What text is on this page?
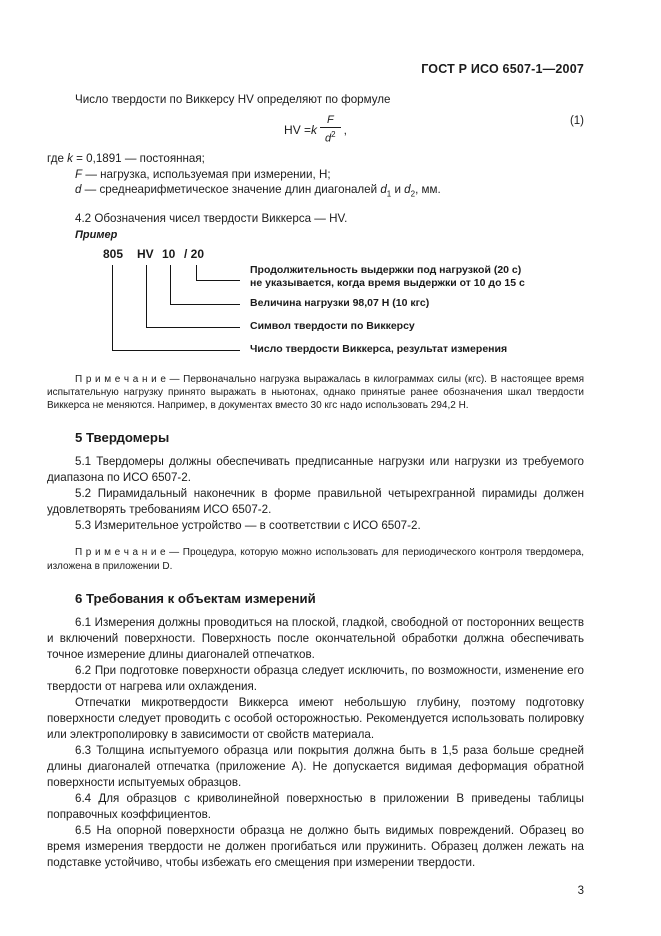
ГОСТ Р ИСО 6507-1—2007

Число твердости по Виккерсу HV определяют по формуле

HV = k $\frac{F}{d^2}$ ,
(1)
где k = 0,1891 — постоянная;
F — нагрузка, используемая при измерении, Н;
d — среднеарифметическое значение длин диагоналей $d_1$ и $d_2$, мм.

4.2 Обозначения чисел твердости Виккерса — HV.

Пример

805 HV 10 / 20
Продолжительность выдержки под нагрузкой (20 с)
не указывается, когда время выдержки от 10 до 15 с
Величина нагрузки 98,07 Н (10 кгс)
Символ твердости по Виккерсу
Число твердости Виккерса, результат измерения

П р и м е ч а н и е — Первоначально нагрузка выражалась в килограммах силы (кгс). В настоящее время испытательную нагрузку принято выражать в ньютонах, однако принятые ранее обозначения шкал твердости Виккерса не меняются. Например, в документах вместо 30 кгс надо использовать 294,2 Н.

5 Твердомеры

5.1 Твердомеры должны обеспечивать предписанные нагрузки или нагрузки из требуемого диапазона по ИСО 6507-2.

5.2 Пирамидальный наконечник в форме правильной четырехгранной пирамиды должен удовлетворять требованиям ИСО 6507-2.

5.3 Измерительное устройство — в соответствии с ИСО 6507-2.

П р и м е ч а н и е — Процедура, которую можно использовать для периодического контроля твердомера, изложена в приложении D.

6 Требования к объектам измерений

6.1 Измерения должны проводиться на плоской, гладкой, свободной от посторонних веществ и включений поверхности. Поверхность после окончательной обработки должна обеспечивать точное измерение длины диагоналей отпечатков.

6.2 При подготовке поверхности образца следует исключить, по возможности, изменение его твердости от нагрева или охлаждения.

Отпечатки микротвердости Виккерса имеют небольшую глубину, поэтому подготовку поверхности следует проводить с особой осторожностью. Рекомендуется использовать полировку или электрополировку в зависимости от свойств материала.

6.3 Толщина испытуемого образца или покрытия должна быть в 1,5 раза больше средней длины диагоналей отпечатка (приложение А). Не допускается видимая деформация обратной поверхности испытуемых образцов.

6.4 Для образцов с криволинейной поверхностью в приложении В приведены таблицы поправочных коэффициентов.

6.5 На опорной поверхности образца не должно быть видимых повреждений. Образец во время измерения твердости не должен прогибаться или пружинить. Образец должен лежать на подставке устойчиво, чтобы избежать его смещения при измерении твердости.

3
